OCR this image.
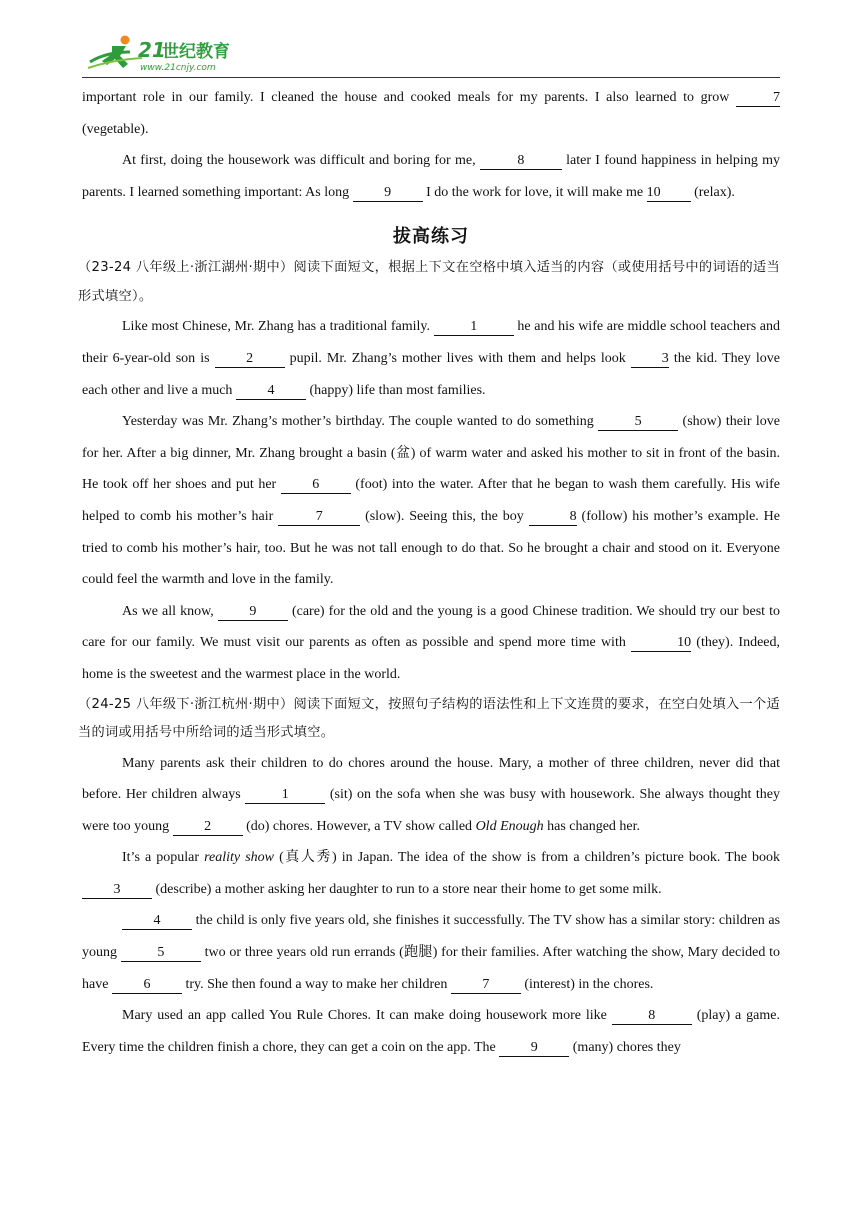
21
世纪教育
www.21cnjy.com

important role in our family. I cleaned the house and cooked meals for my parents. I also learned to grow	7 (vegetable).

At first, doing the housework was difficult and boring for me,	8	later I found happiness in helping my parents. I learned something important: As long	9	I do the work for love, it will make me 10 (relax).

拔高练习

（23-24 八年级上·浙江湖州·期中）阅读下面短文，根据上下文在空格中填入适当的内容（或使用括号中的词语的适当形式填空）。

Like most Chinese, Mr. Zhang has a traditional family.	1	he and his wife are middle school teachers and their 6-year-old son is	2	pupil. Mr. Zhang’s mother lives with them and helps look	3 the kid. They love each other and live a much	4	(happy) life than most families.

Yesterday was Mr. Zhang’s mother’s birthday. The couple wanted to do something	5	(show) their love for her. After a big dinner, Mr. Zhang brought a basin (盆) of warm water and asked his mother to sit in front of the basin. He took off her shoes and put her	6	(foot) into the water. After that he began to wash them carefully. His wife helped to comb his mother’s hair	7	(slow). Seeing this, the boy	8 (follow) his mother’s example. He tried to comb his mother’s hair, too. But he was not tall enough to do that. So he brought a chair and stood on it. Everyone could feel the warmth and love in the family.

As we all know,	9	(care) for the old and the young is a good Chinese tradition. We should try our best to care for our family. We must visit our parents as often as possible and spend more time with	10 (they). Indeed, home is the sweetest and the warmest place in the world.

（24-25 八年级下·浙江杭州·期中）阅读下面短文，按照句子结构的语法性和上下文连贯的要求，在空白处填入一个适当的词或用括号中所给词的适当形式填空。

Many parents ask their children to do chores around the house. Mary, a mother of three children, never did that before. Her children always	1	(sit) on the sofa when she was busy with housework. She always thought they were too young	2	(do) chores. However, a TV show called Old Enough has changed her.

It’s a popular reality show (真人秀) in Japan. The idea of the show is from a children’s picture book. The book 3	(describe) a mother asking her daughter to run to a store near their home to get some milk.

4	the child is only five years old, she finishes it successfully. The TV show has a similar story: children as young	5	two or three years old run errands (跑腿) for their families. After watching the show, Mary decided to have	6	try. She then found a way to make her children	7	(interest) in the chores.

Mary used an app called You Rule Chores. It can make doing housework more like	8	(play) a game. Every time the children finish a chore, they can get a coin on the app. The	9	(many) chores they
